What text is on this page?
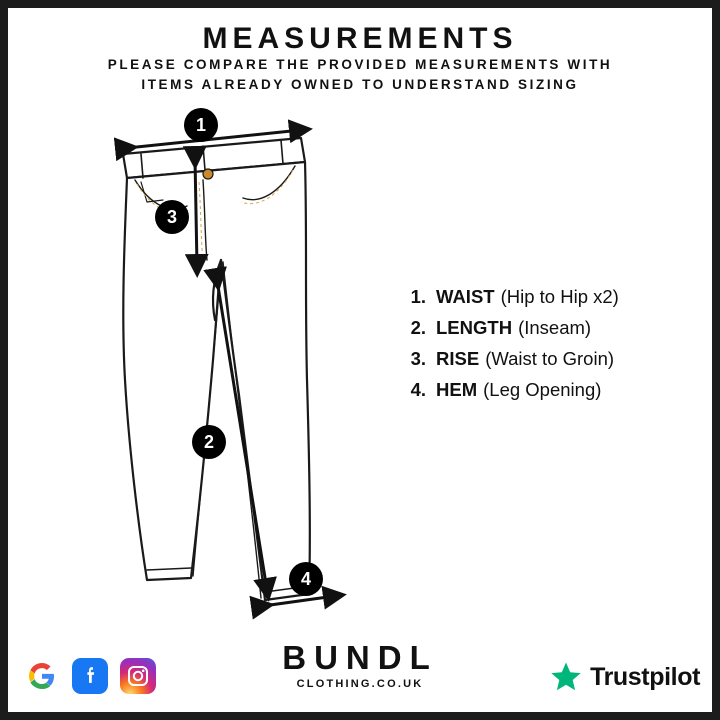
MEASUREMENTS
PLEASE COMPARE THE PROVIDED MEASUREMENTS WITH
ITEMS ALREADY OWNED TO UNDERSTAND SIZING
1
2
3
4
1. WAIST (Hip to Hip x2)
2. LENGTH (Inseam)
3. RISE (Waist to Groin)
4. HEM (Leg Opening)
BUNDL
CLOTHING.CO.UK	Trustpilot
